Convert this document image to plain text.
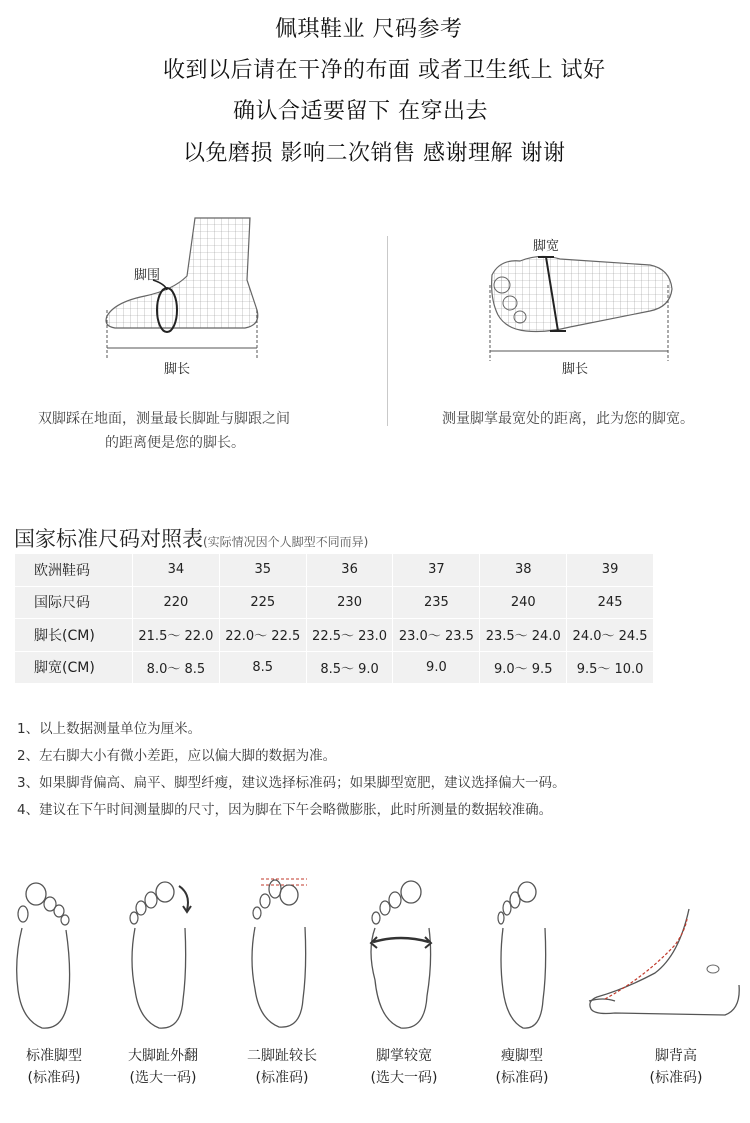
佩琪鞋业 尺码参考
收到以后请在干净的布面 或者卫生纸上 试好
确认合适要留下 在穿出去
以免磨损 影响二次销售 感谢理解 谢谢
脚围
脚长
双脚踩在地面，测量最长脚趾与脚跟之间
的距离便是您的脚长。
脚宽
脚长
测量脚掌最宽处的距离，此为您的脚宽。
国家标准尺码对照表(实际情况因个人脚型不同而异)
欧洲鞋码	34	35	36	37	38	39
国际尺码	220	225	230	235	240	245
脚长(CM)	21.5～ 22.0	22.0～ 22.5	22.5～ 23.0	23.0～ 23.5	23.5～ 24.0	24.0～ 24.5
脚宽(CM)	8.0～ 8.5	8.5	8.5～ 9.0	9.0	9.0～ 9.5	9.5～ 10.0
1、以上数据测量单位为厘米。
2、左右脚大小有微小差距，应以偏大脚的数据为准。
3、如果脚背偏高、扁平、脚型纤瘦，建议选择标准码；如果脚型宽肥，建议选择偏大一码。
4、建议在下午时间测量脚的尺寸，因为脚在下午会略微膨胀，此时所测量的数据较准确。
标准脚型
(标准码)
大脚趾外翻
(选大一码)
二脚趾较长
(标准码)
脚掌较宽
(选大一码)
瘦脚型
(标准码)
脚背高
(标准码)
